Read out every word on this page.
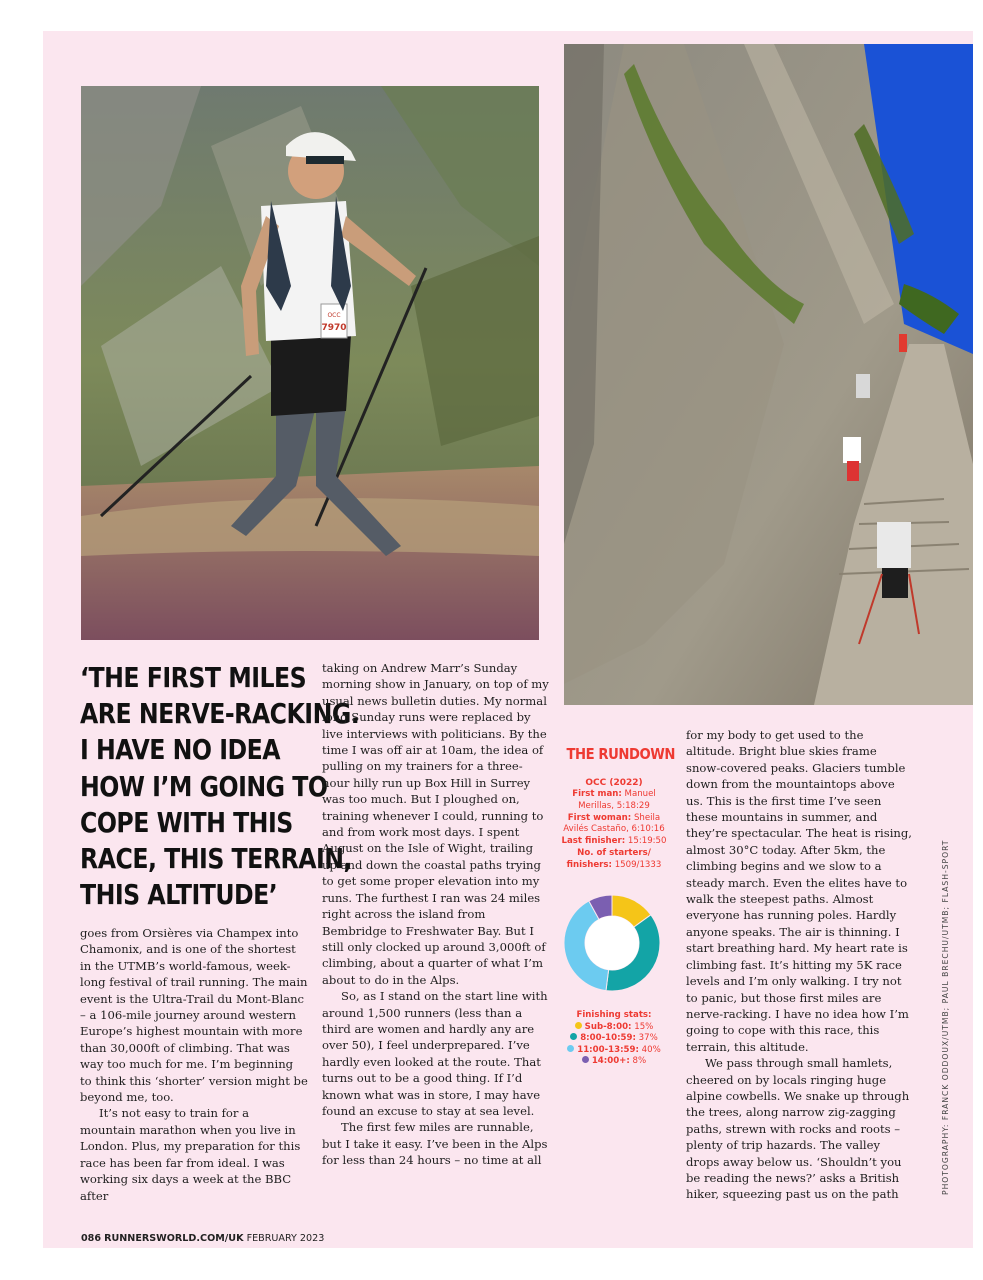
OCC
7970
‘THE FIRST MILES
ARE NERVE-RACKING.
I HAVE NO IDEA
HOW I’M GOING TO
COPE WITH THIS
RACE, THIS TERRAIN,
THIS ALTITUDE’

goes from Orsières via Champex into Chamonix, and is one of the shortest in the UTMB’s world-famous, week-long festival of trail running. The main event is the Ultra-Trail du Mont-Blanc – a 106-mile journey around western Europe’s highest mountain with more than 30,000ft of climbing. That was way too much for me. I’m beginning to think this ‘shorter’ version might be beyond me, too.

It’s not easy to train for a mountain marathon when you live in London. Plus, my preparation for this race has been far from ideal. I was working six days a week at the BBC after

taking on Andrew Marr’s Sunday morning show in January, on top of my usual news bulletin duties. My normal long Sunday runs were replaced by live interviews with politicians. By the time I was off air at 10am, the idea of pulling on my trainers for a three-hour hilly run up Box Hill in Surrey was too much. But I ploughed on, training whenever I could, running to and from work most days. I spent August on the Isle of Wight, trailing up and down the coastal paths trying to get some proper elevation into my runs. The furthest I ran was 24 miles right across the island from Bembridge to Freshwater Bay. But I still only clocked up around 3,000ft of climbing, about a quarter of what I’m about to do in the Alps.

So, as I stand on the start line with around 1,500 runners (less than a third are women and hardly any are over 50), I feel underprepared. I’ve hardly even looked at the route. That turns out to be a good thing. If I’d known what was in store, I may have found an excuse to stay at sea level.

The first few miles are runnable, but I take it easy. I’ve been in the Alps for less than 24 hours – no time at all

THE RUNDOWN
OCC (2022)
First man: Manuel Merillas, 5:18:29
First woman: Sheila Avilés Castaño, 6:10:16
Last finisher: 15:19:50
No. of starters/ finishers: 1509/1333
Finishing stats:
Sub-8:00: 15%
8:00-10:59: 37%
11:00-13:59: 40%
14:00+: 8%

for my body to get used to the altitude. Bright blue skies frame snow-covered peaks. Glaciers tumble down from the mountaintops above us. This is the first time I’ve seen these mountains in summer, and they’re spectacular. The heat is rising, almost 30°C today. After 5km, the climbing begins and we slow to a steady march. Even the elites have to walk the steepest paths. Almost everyone has running poles. Hardly anyone speaks. The air is thinning. I start breathing hard. My heart rate is climbing fast. It’s hitting my 5K race levels and I’m only walking. I try not to panic, but those first miles are nerve-racking. I have no idea how I’m going to cope with this race, this terrain, this altitude.

We pass through small hamlets, cheered on by locals ringing huge alpine cowbells. We snake up through the trees, along narrow zig-zagging paths, strewn with rocks and roots – plenty of trip hazards. The valley drops away below us. ‘Shouldn’t you be reading the news?’ asks a British hiker, squeezing past us on the path

086 RUNNERSWORLD.COM/UK FEBRUARY 2023
PHOTOGRAPHY: FRANCK ODDOUX/UTMB; PAUL BRECHU/UTMB; FLASH-SPORT
